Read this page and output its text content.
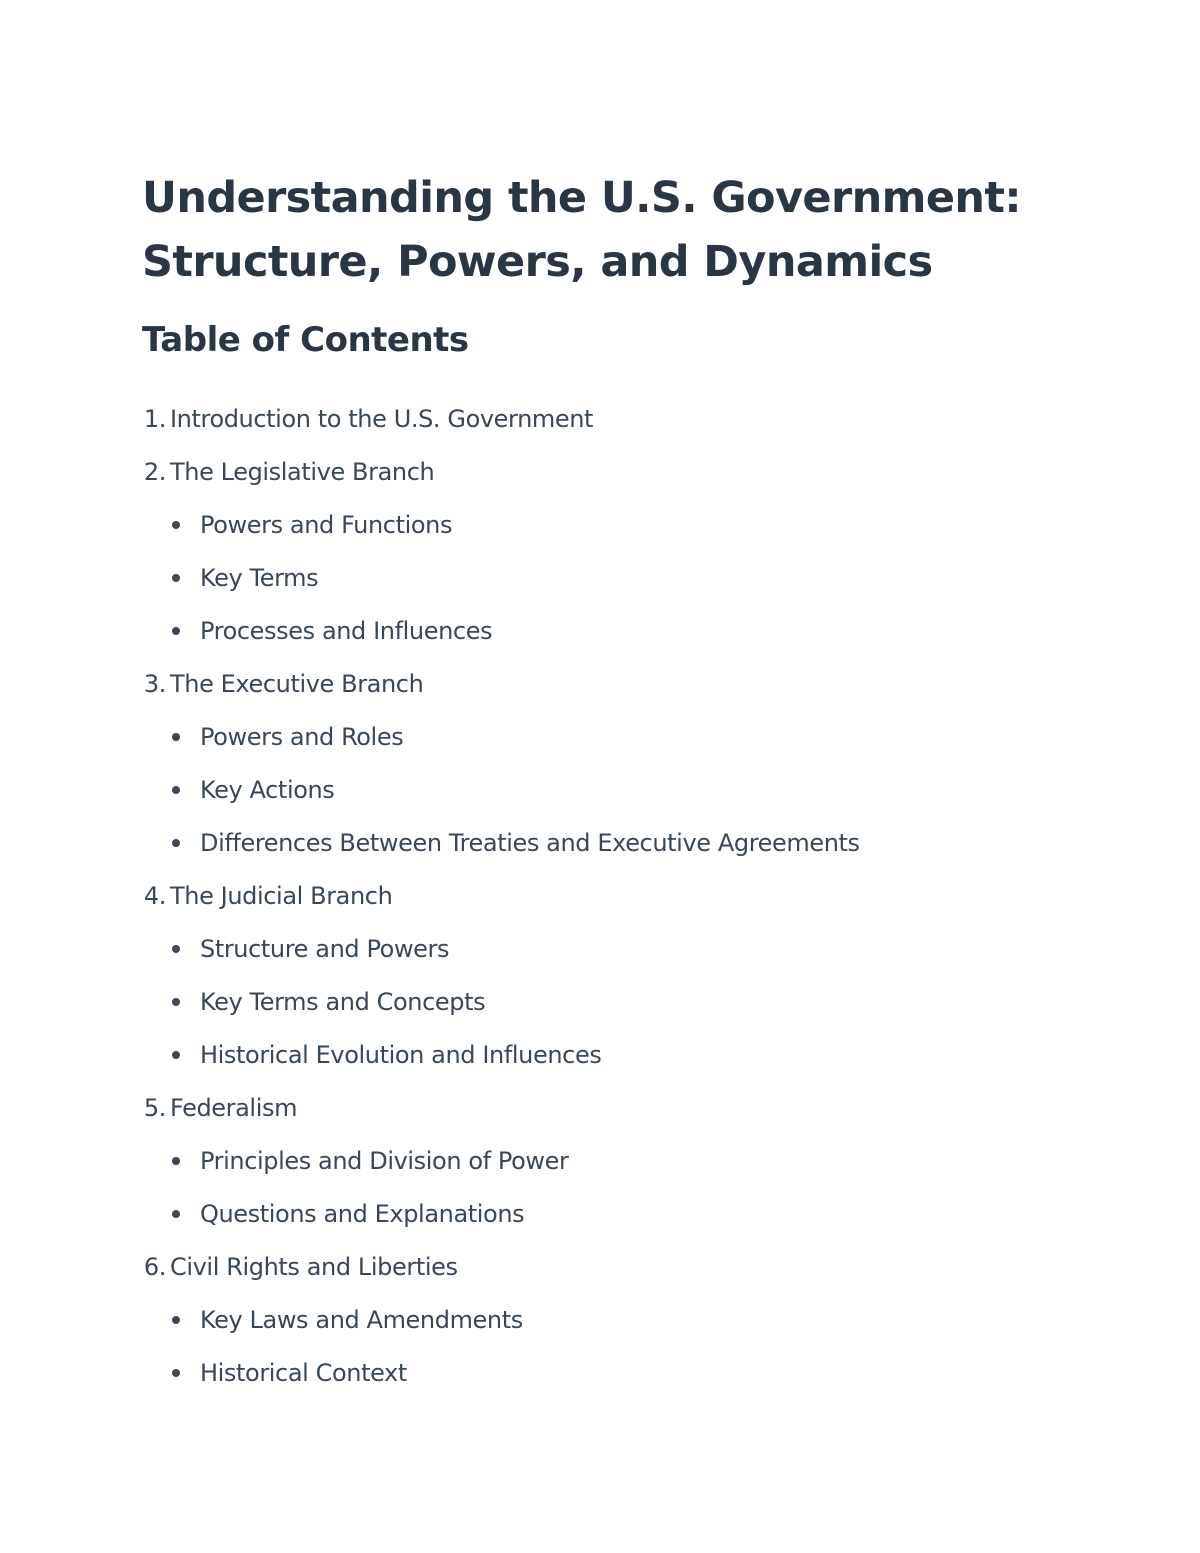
Understanding the U.S. Government:
Structure, Powers, and Dynamics
Table of Contents
1. Introduction to the U.S. Government
2. The Legislative Branch
Powers and Functions
Key Terms
Processes and Influences
3. The Executive Branch
Powers and Roles
Key Actions
Differences Between Treaties and Executive Agreements
4. The Judicial Branch
Structure and Powers
Key Terms and Concepts
Historical Evolution and Influences
5. Federalism
Principles and Division of Power
Questions and Explanations
6. Civil Rights and Liberties
Key Laws and Amendments
Historical Context
